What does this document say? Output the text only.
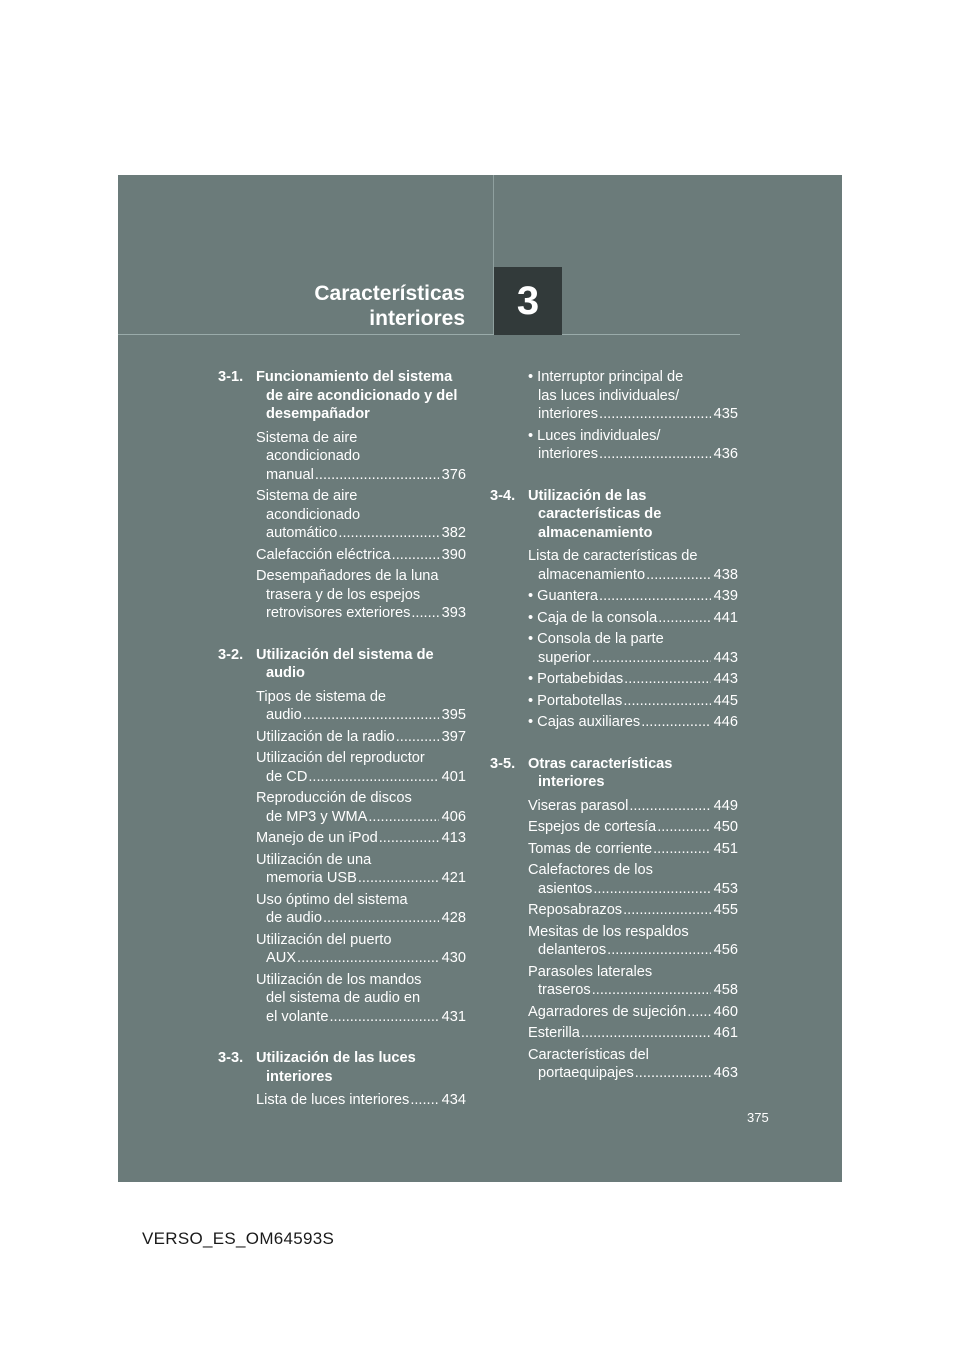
Características
interiores	3
3-1. Funcionamiento del sistema de aire acondicionado y del desempañador
Sistema de aire
acondicionado
manual .....	376
Sistema de aire
acondicionado
automático .....	382
Calefacción eléctrica .....	390
Desempañadores de la luna
trasera y de los espejos
retrovisores exteriores ..... 393
3-2. Utilización del sistema de audio
Tipos de sistema de
audio .....	395
Utilización de la radio .....	397
Utilización del reproductor
de CD .....	401
Reproducción de discos
de MP3 y WMA .....	406
Manejo de un iPod .....	413
Utilización de una
memoria USB .....	421
Uso óptimo del sistema
de audio .....	428
Utilización del puerto
AUX .....	430
Utilización de los mandos
del sistema de audio en
el volante .....	431
3-3. Utilización de las luces interiores
Lista de luces interiores ..... 434
• Interruptor principal de
las luces individuales/
interiores .....	435
• Luces individuales/
interiores .....	436
3-4. Utilización de las características de almacenamiento
Lista de características de
almacenamiento .....	438
• Guantera .....	439
• Caja de la consola .....	441
• Consola de la parte
superior .....	443
• Portabebidas .....	443
• Portabotellas .....	445
• Cajas auxiliares .....	446
3-5. Otras características interiores
Viseras parasol .....	449
Espejos de cortesía .....	450
Tomas de corriente .....	451
Calefactores de los
asientos .....	453
Reposabrazos .....	455
Mesitas de los respaldos
delanteros .....	456
Parasoles laterales
traseros .....	458
Agarradores de sujeción ..... 460
Esterilla .....	461
Características del
portaequipajes .....	463
375
VERSO_ES_OM64593S
